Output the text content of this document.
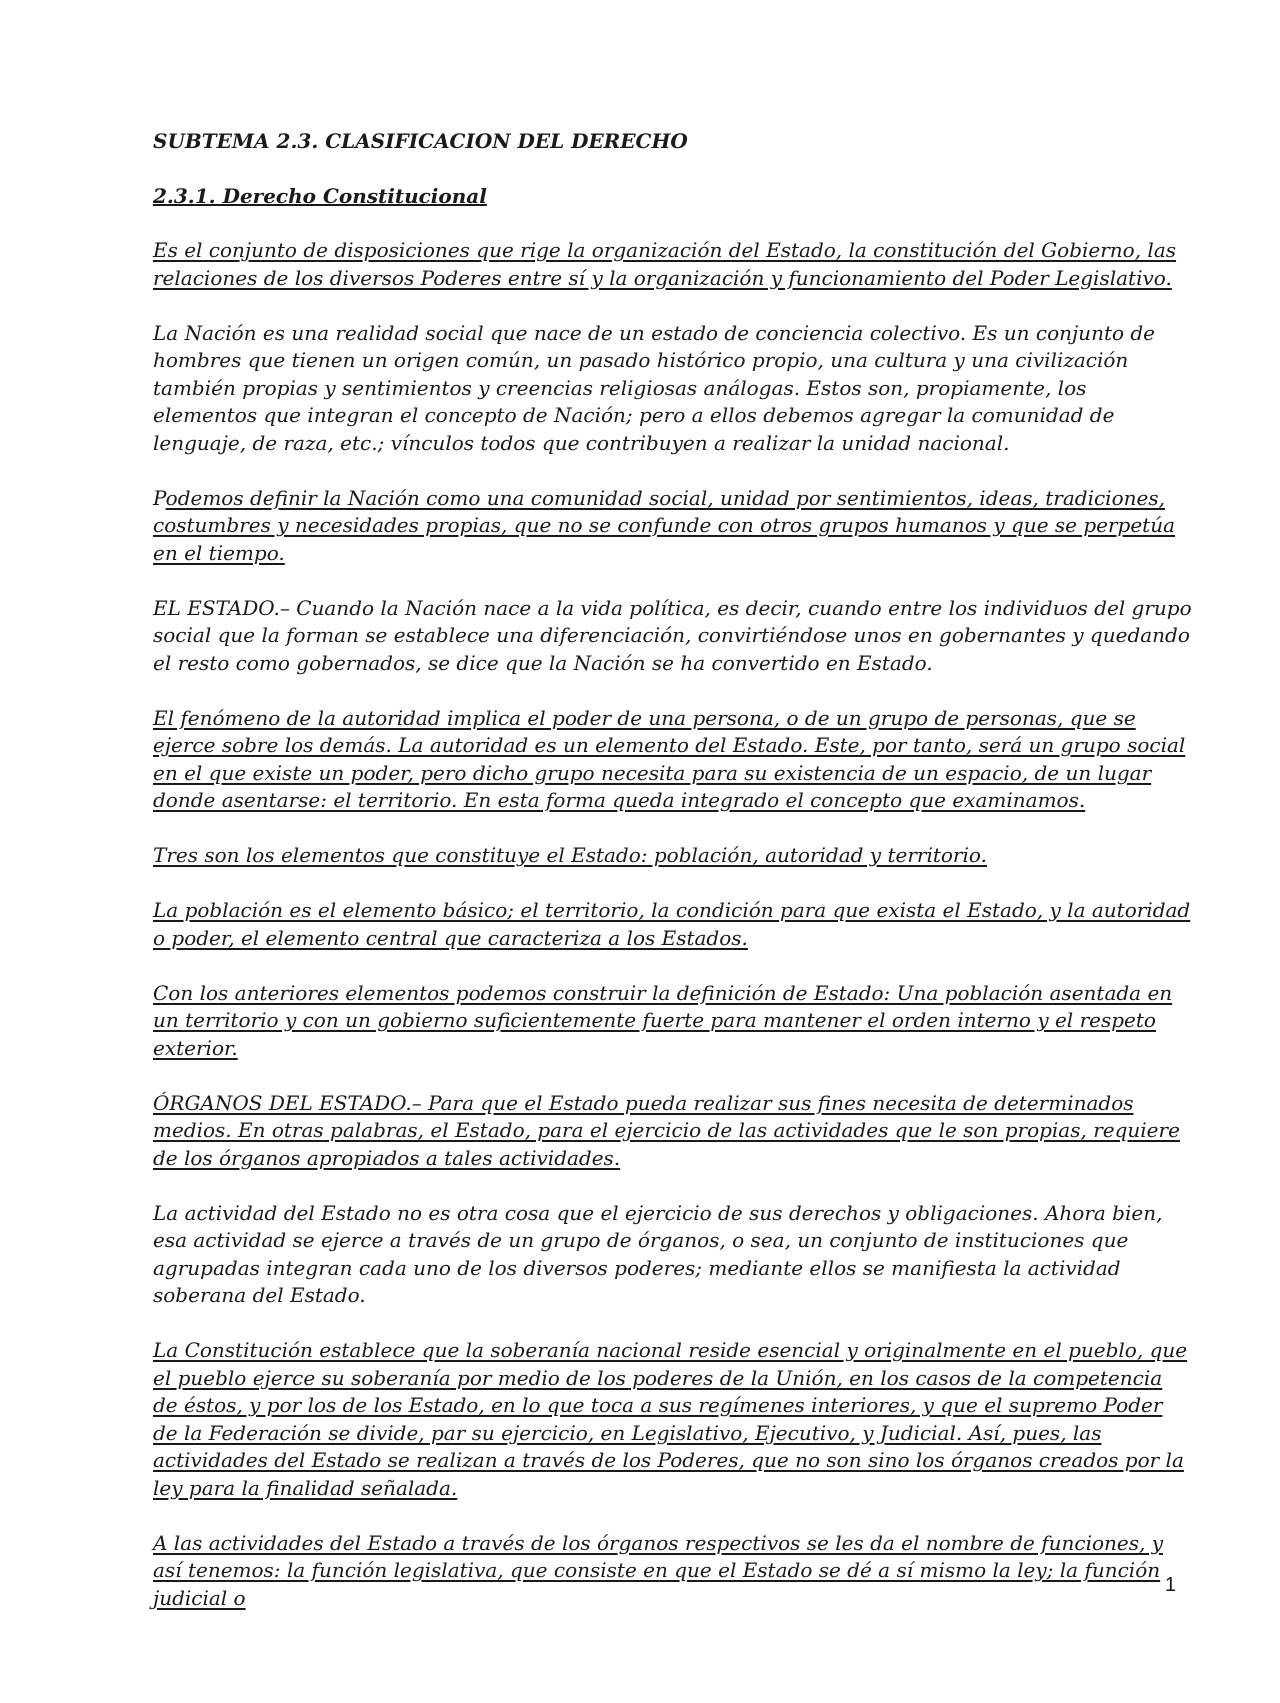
SUBTEMA 2.3. CLASIFICACION DEL DERECHO

2.3.1. Derecho Constitucional

Es el conjunto de disposiciones que rige la organización del Estado, la constitución del Gobierno, las relaciones de los diversos Poderes entre sí y la organización y funcionamiento del Poder Legislativo.

La Nación es una realidad social que nace de un estado de conciencia colectivo. Es un conjunto de hombres que tienen un origen común, un pasado histórico propio, una cultura y una civilización también propias y sentimientos y creencias religiosas análogas. Estos son, propiamente, los elementos que integran el concepto de Nación; pero a ellos debemos agregar la comunidad de lenguaje, de raza, etc.; vínculos todos que contribuyen a realizar la unidad nacional.

Podemos definir la Nación como una comunidad social, unidad por sentimientos, ideas, tradiciones, costumbres y necesidades propias, que no se confunde con otros grupos humanos y que se perpetúa en el tiempo.

EL ESTADO.– Cuando la Nación nace a la vida política, es decir, cuando entre los individuos del grupo social que la forman se establece una diferenciación, convirtiéndose unos en gobernantes y quedando el resto como gobernados, se dice que la Nación se ha convertido en Estado.

El fenómeno de la autoridad implica el poder de una persona, o de un grupo de personas, que se ejerce sobre los demás. La autoridad es un elemento del Estado. Este, por tanto, será un grupo social en el que existe un poder, pero dicho grupo necesita para su existencia de un espacio, de un lugar donde asentarse: el territorio. En esta forma queda integrado el concepto que examinamos.

Tres son los elementos que constituye el Estado: población, autoridad y territorio.

La población es el elemento básico; el territorio, la condición para que exista el Estado, y la autoridad o poder, el elemento central que caracteriza a los Estados.

Con los anteriores elementos podemos construir la definición de Estado: Una población asentada en un territorio y con un gobierno suficientemente fuerte para mantener el orden interno y el respeto exterior.

ÓRGANOS DEL ESTADO.– Para que el Estado pueda realizar sus fines necesita de determinados medios. En otras palabras, el Estado, para el ejercicio de las actividades que le son propias, requiere de los órganos apropiados a tales actividades.

La actividad del Estado no es otra cosa que el ejercicio de sus derechos y obligaciones. Ahora bien, esa actividad se ejerce a través de un grupo de órganos, o sea, un conjunto de instituciones que agrupadas integran cada uno de los diversos poderes; mediante ellos se manifiesta la actividad soberana del Estado.

La Constitución establece que la soberanía nacional reside esencial y originalmente en el pueblo, que el pueblo ejerce su soberanía por medio de los poderes de la Unión, en los casos de la competencia de éstos, y por los de los Estado, en lo que toca a sus regímenes interiores, y que el supremo Poder de la Federación se divide, par su ejercicio, en Legislativo, Ejecutivo, y Judicial. Así, pues, las actividades del Estado se realizan a través de los Poderes, que no son sino los órganos creados por la ley para la finalidad señalada.

A las actividades del Estado a través de los órganos respectivos se les da el nombre de funciones, y así tenemos: la función legislativa, que consiste en que el Estado se dé a sí mismo la ley; la función judicial o

1
